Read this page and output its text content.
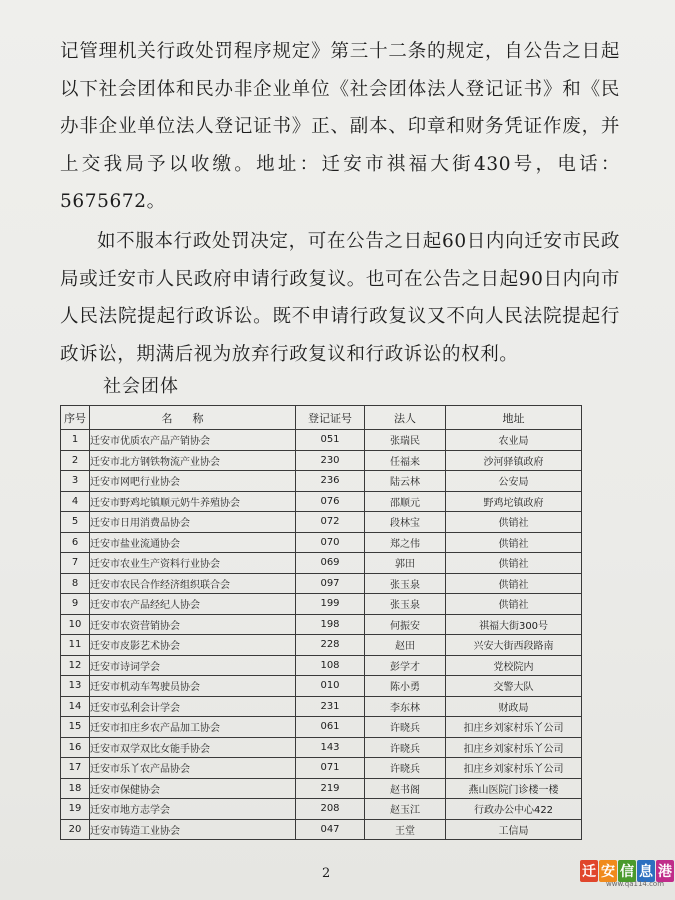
记管理机关行政处罚程序规定》第三十二条的规定，自公告之日起以下社会团体和民办非企业单位《社会团体法人登记证书》和《民办非企业单位法人登记证书》正、副本、印章和财务凭证作废，并上交我局予以收缴。地址：迁安市祺福大街430号，电话：5675672。

如不服本行政处罚决定，可在公告之日起60日内向迁安市民政局或迁安市人民政府申请行政复议。也可在公告之日起90日内向市人民法院提起行政诉讼。既不申请行政复议又不向人民法院提起行政诉讼，期满后视为放弃行政复议和行政诉讼的权利。

社会团体
序号	名称	登记证号	法人	地址
1	迁安市优质农产品产销协会	051	张瑞民	农业局
2	迁安市北方钢铁物流产业协会	230	任福来	沙河驿镇政府
3	迁安市网吧行业协会	236	陆云林	公安局
4	迁安市野鸡坨镇顺元奶牛养殖协会	076	邵顺元	野鸡坨镇政府
5	迁安市日用消费品协会	072	段林宝	供销社
6	迁安市盐业流通协会	070	郑之伟	供销社
7	迁安市农业生产资料行业协会	069	郭田	供销社
8	迁安市农民合作经济组织联合会	097	张玉泉	供销社
9	迁安市农产品经纪人协会	199	张玉泉	供销社
10	迁安市农资营销协会	198	何振安	祺福大街300号
11	迁安市皮影艺术协会	228	赵田	兴安大街西段路南
12	迁安市诗词学会	108	彭学才	党校院内
13	迁安市机动车驾驶员协会	010	陈小勇	交警大队
14	迁安市弘利会计学会	231	李东林	财政局
15	迁安市扣庄乡农产品加工协会	061	许晓兵	扣庄乡刘家村乐丫公司
16	迁安市双学双比女能手协会	143	许晓兵	扣庄乡刘家村乐丫公司
17	迁安市乐丫农产品协会	071	许晓兵	扣庄乡刘家村乐丫公司
18	迁安市保健协会	219	赵书阁	燕山医院门诊楼一楼
19	迁安市地方志学会	208	赵玉江	行政办公中心422
20	迁安市铸造工业协会	047	王堂	工信局
2	迁 安 信 息 港
www.qa114.com
